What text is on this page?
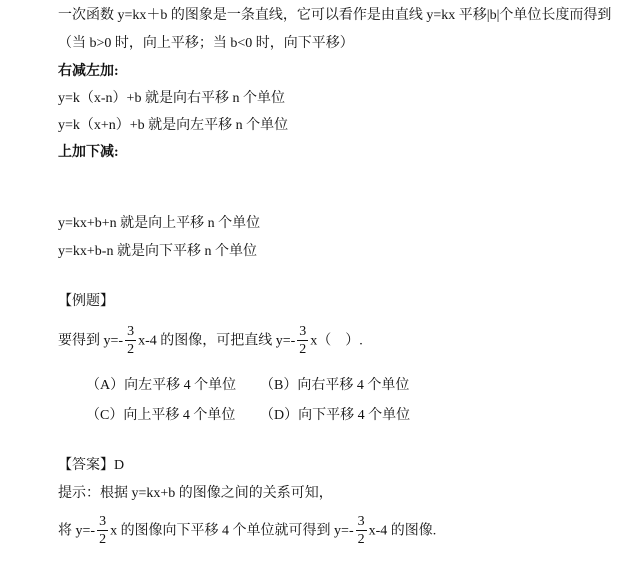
一次函数 y=kx＋b 的图象是一条直线，它可以看作是由直线 y=kx 平移|b|个单位长度而得到
（当 b>0 时，向上平移；当 b<0 时，向下平移）
右减左加:
y=k（x-n）+b 就是向右平移 n 个单位
y=k（x+n）+b 就是向左平移 n 个单位
上加下减:
y=kx+b+n 就是向上平移 n 个单位
y=kx+b-n 就是向下平移 n 个单位
【例题】
要得到 $y=- \frac{3}{2} x-4$ 的图像，可把直线 $y=- \frac{3}{2} x$（　）.
（A）向左平移 4 个单位 （B）向右平移 4 个单位
（C）向上平移 4 个单位 （D）向下平移 4 个单位
【答案】D
提示：根据 y=kx+b 的图像之间的关系可知，
将 $y=- \frac{3}{2}$ x 的图像向下平移 4 个单位就可得到 $y=- \frac{3}{2} x-4$ 的图像.
